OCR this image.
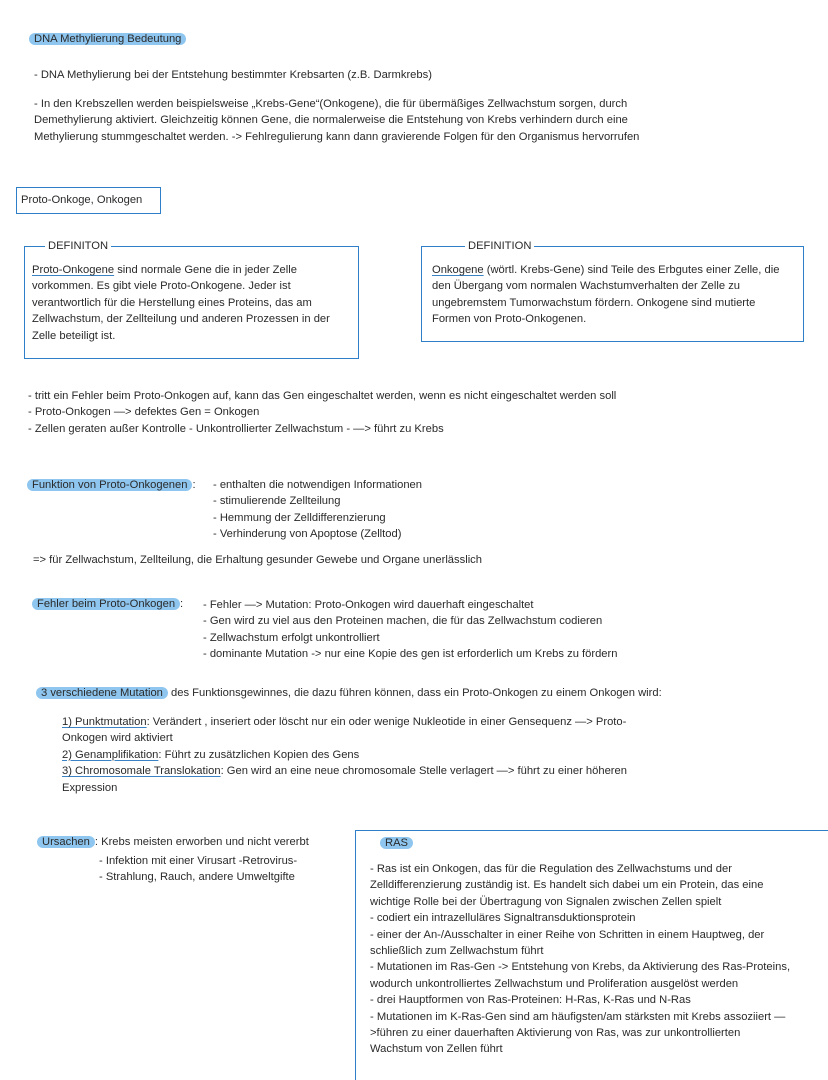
DNA Methylierung Bedeutung
- DNA Methylierung bei der Entstehung bestimmter Krebsarten (z.B. Darmkrebs)
- In den Krebszellen werden beispielsweise „Krebs-Gene“(Onkogene), die für übermäßiges Zellwachstum sorgen, durch
Demethylierung aktiviert. Gleichzeitig können Gene, die normalerweise die Entstehung von Krebs verhindern durch eine
Methylierung stummgeschaltet werden. -> Fehlregulierung kann dann gravierende Folgen für den Organismus hervorrufen
Proto-Onkoge, Onkogen
DEFINITON
Proto-Onkogene sind normale Gene die in jeder Zelle
vorkommen. Es gibt viele Proto-Onkogene. Jeder ist
verantwortlich für die Herstellung eines Proteins, das am
Zellwachstum, der Zellteilung und anderen Prozessen in der
Zelle beteiligt ist.
DEFINITION
Onkogene (wörtl. Krebs-Gene) sind Teile des Erbgutes einer Zelle, die
den Übergang vom normalen Wachstumverhalten der Zelle zu
ungebremstem Tumorwachstum fördern. Onkogene sind mutierte
Formen von Proto-Onkogenen.
- tritt ein Fehler beim Proto-Onkogen auf, kann das Gen eingeschaltet werden, wenn es nicht eingeschaltet werden soll
- Proto-Onkogen —> defektes Gen = Onkogen
- Zellen geraten außer Kontrolle - Unkontrollierter Zellwachstum - —> führt zu Krebs
Funktion von Proto-Onkogenen : - enthalten die notwendigen Informationen
- stimulierende Zellteilung
- Hemmung der Zelldifferenzierung
- Verhinderung von Apoptose (Zelltod)
=> für Zellwachstum, Zellteilung, die Erhaltung gesunder Gewebe und Organe unerlässlich
Fehler beim Proto-Onkogen : - Fehler —> Mutation: Proto-Onkogen wird dauerhaft eingeschaltet
- Gen wird zu viel aus den Proteinen machen, die für das Zellwachstum codieren
- Zellwachstum erfolgt unkontrolliert
- dominante Mutation -> nur eine Kopie des gen ist erforderlich um Krebs zu fördern
3 verschiedene Mutation des Funktionsgewinnes, die dazu führen können, dass ein Proto-Onkogen zu einem Onkogen wird:
1) Punktmutation: Verändert , inseriert oder löscht nur ein oder wenige Nukleotide in einer Gensequenz —> Proto-
Onkogen wird aktiviert
2) Genamplifikation: Führt zu zusätzlichen Kopien des Gens
3) Chromosomale Translokation: Gen wird an eine neue chromosomale Stelle verlagert —> führt zu einer höheren
Expression
Ursachen : Krebs meisten erworben und nicht vererbt
- Infektion mit einer Virusart -Retrovirus-
- Strahlung, Rauch, andere Umweltgifte
RAS
- Ras ist ein Onkogen, das für die Regulation des Zellwachstums und der
Zelldifferenzierung zuständig ist. Es handelt sich dabei um ein Protein, das eine
wichtige Rolle bei der Übertragung von Signalen zwischen Zellen spielt
- codiert ein intrazelluläres Signaltransduktionsprotein
- einer der An-/Ausschalter in einer Reihe von Schritten in einem Hauptweg, der
schließlich zum Zellwachstum führt
- Mutationen im Ras-Gen -> Entstehung von Krebs, da Aktivierung des Ras-Proteins,
wodurch unkontrolliertes Zellwachstum und Proliferation ausgelöst werden
- drei Hauptformen von Ras-Proteinen: H-Ras, K-Ras und N-Ras
- Mutationen im K-Ras-Gen sind am häufigsten/am stärksten mit Krebs assoziiert —
>führen zu einer dauerhaften Aktivierung von Ras, was zur unkontrollierten
Wachstum von Zellen führt
